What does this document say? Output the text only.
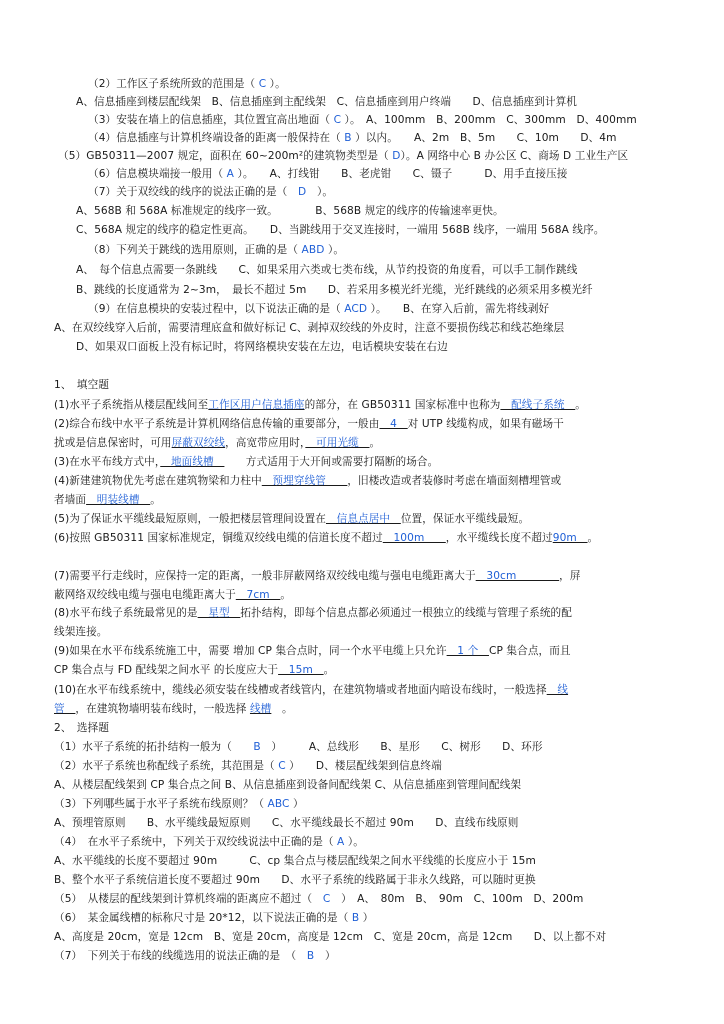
（2）工作区子系统所致的范围是（ C ）。
A、信息插座到楼层配线架　B、信息插座到主配线架　C、信息插座到用户终端　　D、信息插座到计算机
（3）安装在墙上的信息插座，其位置宜高出地面（ C ）。　A、100mm　B、200mm　C、300mm　D、400mm
（4）信息插座与计算机终端设备的距离一般保持在（ B ）以内。　　A、2m　B、5m　　C、10m　　D、4m
（5）GB50311—2007 规定，面积在 60~200m²的建筑物类型是（ D）。A 网络中心 B 办公区 C、商场 D 工业生产区
（6）信息模块端接一般用（ A ）。　　A、打线钳　　B、老虎钳　　C、镊子　　　D、用手直接压接
（7）关于双绞线的线序的说法正确的是（　D　）。
A、568B 和 568A 标准规定的线序一致。　　　　B、568B 规定的线序的传输速率更快。
C、568A 规定的线序的稳定性更高。　　D、当跳线用于交叉连接时，一端用 568B 线序，一端用 568A 线序。
（8）下列关于跳线的选用原则，正确的是（ ABD ）。
A、　每个信息点需要一条跳线　　C、如果采用六类或七类布线，从节约投资的角度看，可以手工制作跳线
B、跳线的长度通常为 2~3m，　最长不超过 5m　　D、若采用多模光纤光缆，光纤跳线的必须采用多模光纤
（9）在信息模块的安装过程中，以下说法正确的是（ ACD ）。　　B、在穿入后前，需先将线剥好
A、在双绞线穿入后前，需要清理底盒和做好标记 C、剥掉双绞线的外皮时，注意不要损伤线芯和线芯绝缘层
D、如果双口面板上没有标记时，将网络模块安装在左边，电话模块安装在右边
1、　填空题
(1)水平子系统指从楼层配线间至工作区用户信息插座的部分，在 GB50311 国家标准中也称为　配线子系统　。
(2)综合布线中水平子系统是计算机网络信息传输的重要部分，一般由　4　对 UTP 线缆构成，如果有磁场干
扰或是信息保密时，可用屏蔽双绞线，高宽带应用时，　可用光缆　。
(3)在水平布线方式中，　地面线槽　　　方式适用于大开间或需要打隔断的场合。
(4)新建建筑物优先考虑在建筑物梁和力柱中　预埋穿线管　　，旧楼改造或者装修时考虑在墙面刻槽埋管或
者墙面　明装线槽　。
(5)为了保证水平缆线最短原则，一般把楼层管理间设置在　信息点居中　位置，保证水平缆线最短。
(6)按照 GB50311 国家标准规定，铜缆双绞线电缆的信道长度不超过　100m　　，水平缆线长度不超过90m　。
(7)需要平行走线时，应保持一定的距离，一般非屏蔽网络双绞线电缆与强电电缆距离大于　30cm　　　　，屏
蔽网络双绞线电缆与强电电缆距离大于　7cm　。
(8)水平布线子系统最常见的是　星型　拓扑结构，即每个信息点都必须通过一根独立的线缆与管理子系统的配
线架连接。
(9)如果在水平布线系统施工中，需要 增加 CP 集合点时，同一个水平电缆上只允许　1 个　CP 集合点，而且
CP 集合点与 FD 配线架之间水平 的长度应大于　15m　。
(10)在水平布线系统中，缆线必须安装在线槽或者线管内，在建筑物墙或者地面内暗设布线时，一般选择　线
管　，在建筑物墙明装布线时，一般选择 线槽　。
2、　选择题
（1）水平子系统的拓扑结构一般为（　　B　）　　　A、总线形　　B、星形　　C、树形　　D、环形
（2）水平子系统也称配线子系统，其范围是（ C ）　　D、楼层配线架到信息终端
A、从楼层配线架到 CP 集合点之间 B、从信息插座到设备间配线架 C、从信息插座到管理间配线架
（3）下列哪些属于水平子系统布线原则？（ ABC ）
A、预埋管原则　　B、水平缆线最短原则　　C、水平缆线最长不超过 90m　　D、直线布线原则
（4）　在水平子系统中，下列关于双绞线说法中正确的是（ A ）。
A、水平缆线的长度不要超过 90m　　　C、cp 集合点与楼层配线架之间水平线缆的长度应小于 15m
B、整个水平子系统信道长度不要超过 90m　　D、水平子系统的线路属于非永久线路，可以随时更换
（5）　从楼层的配线架到计算机终端的距离应不超过（　C　）　A、　80m　B、　90m　C、100m　D、200m
（6）　某金属线槽的标称尺寸是 20*12，以下说法正确的是（ B ）
A、高度是 20cm，宽是 12cm　B、宽是 20cm，高度是 12cm　C、宽是 20cm，高是 12cm　　D、以上都不对
（7）　下列关于布线的线缆选用的说法正确的是　（　B　）
